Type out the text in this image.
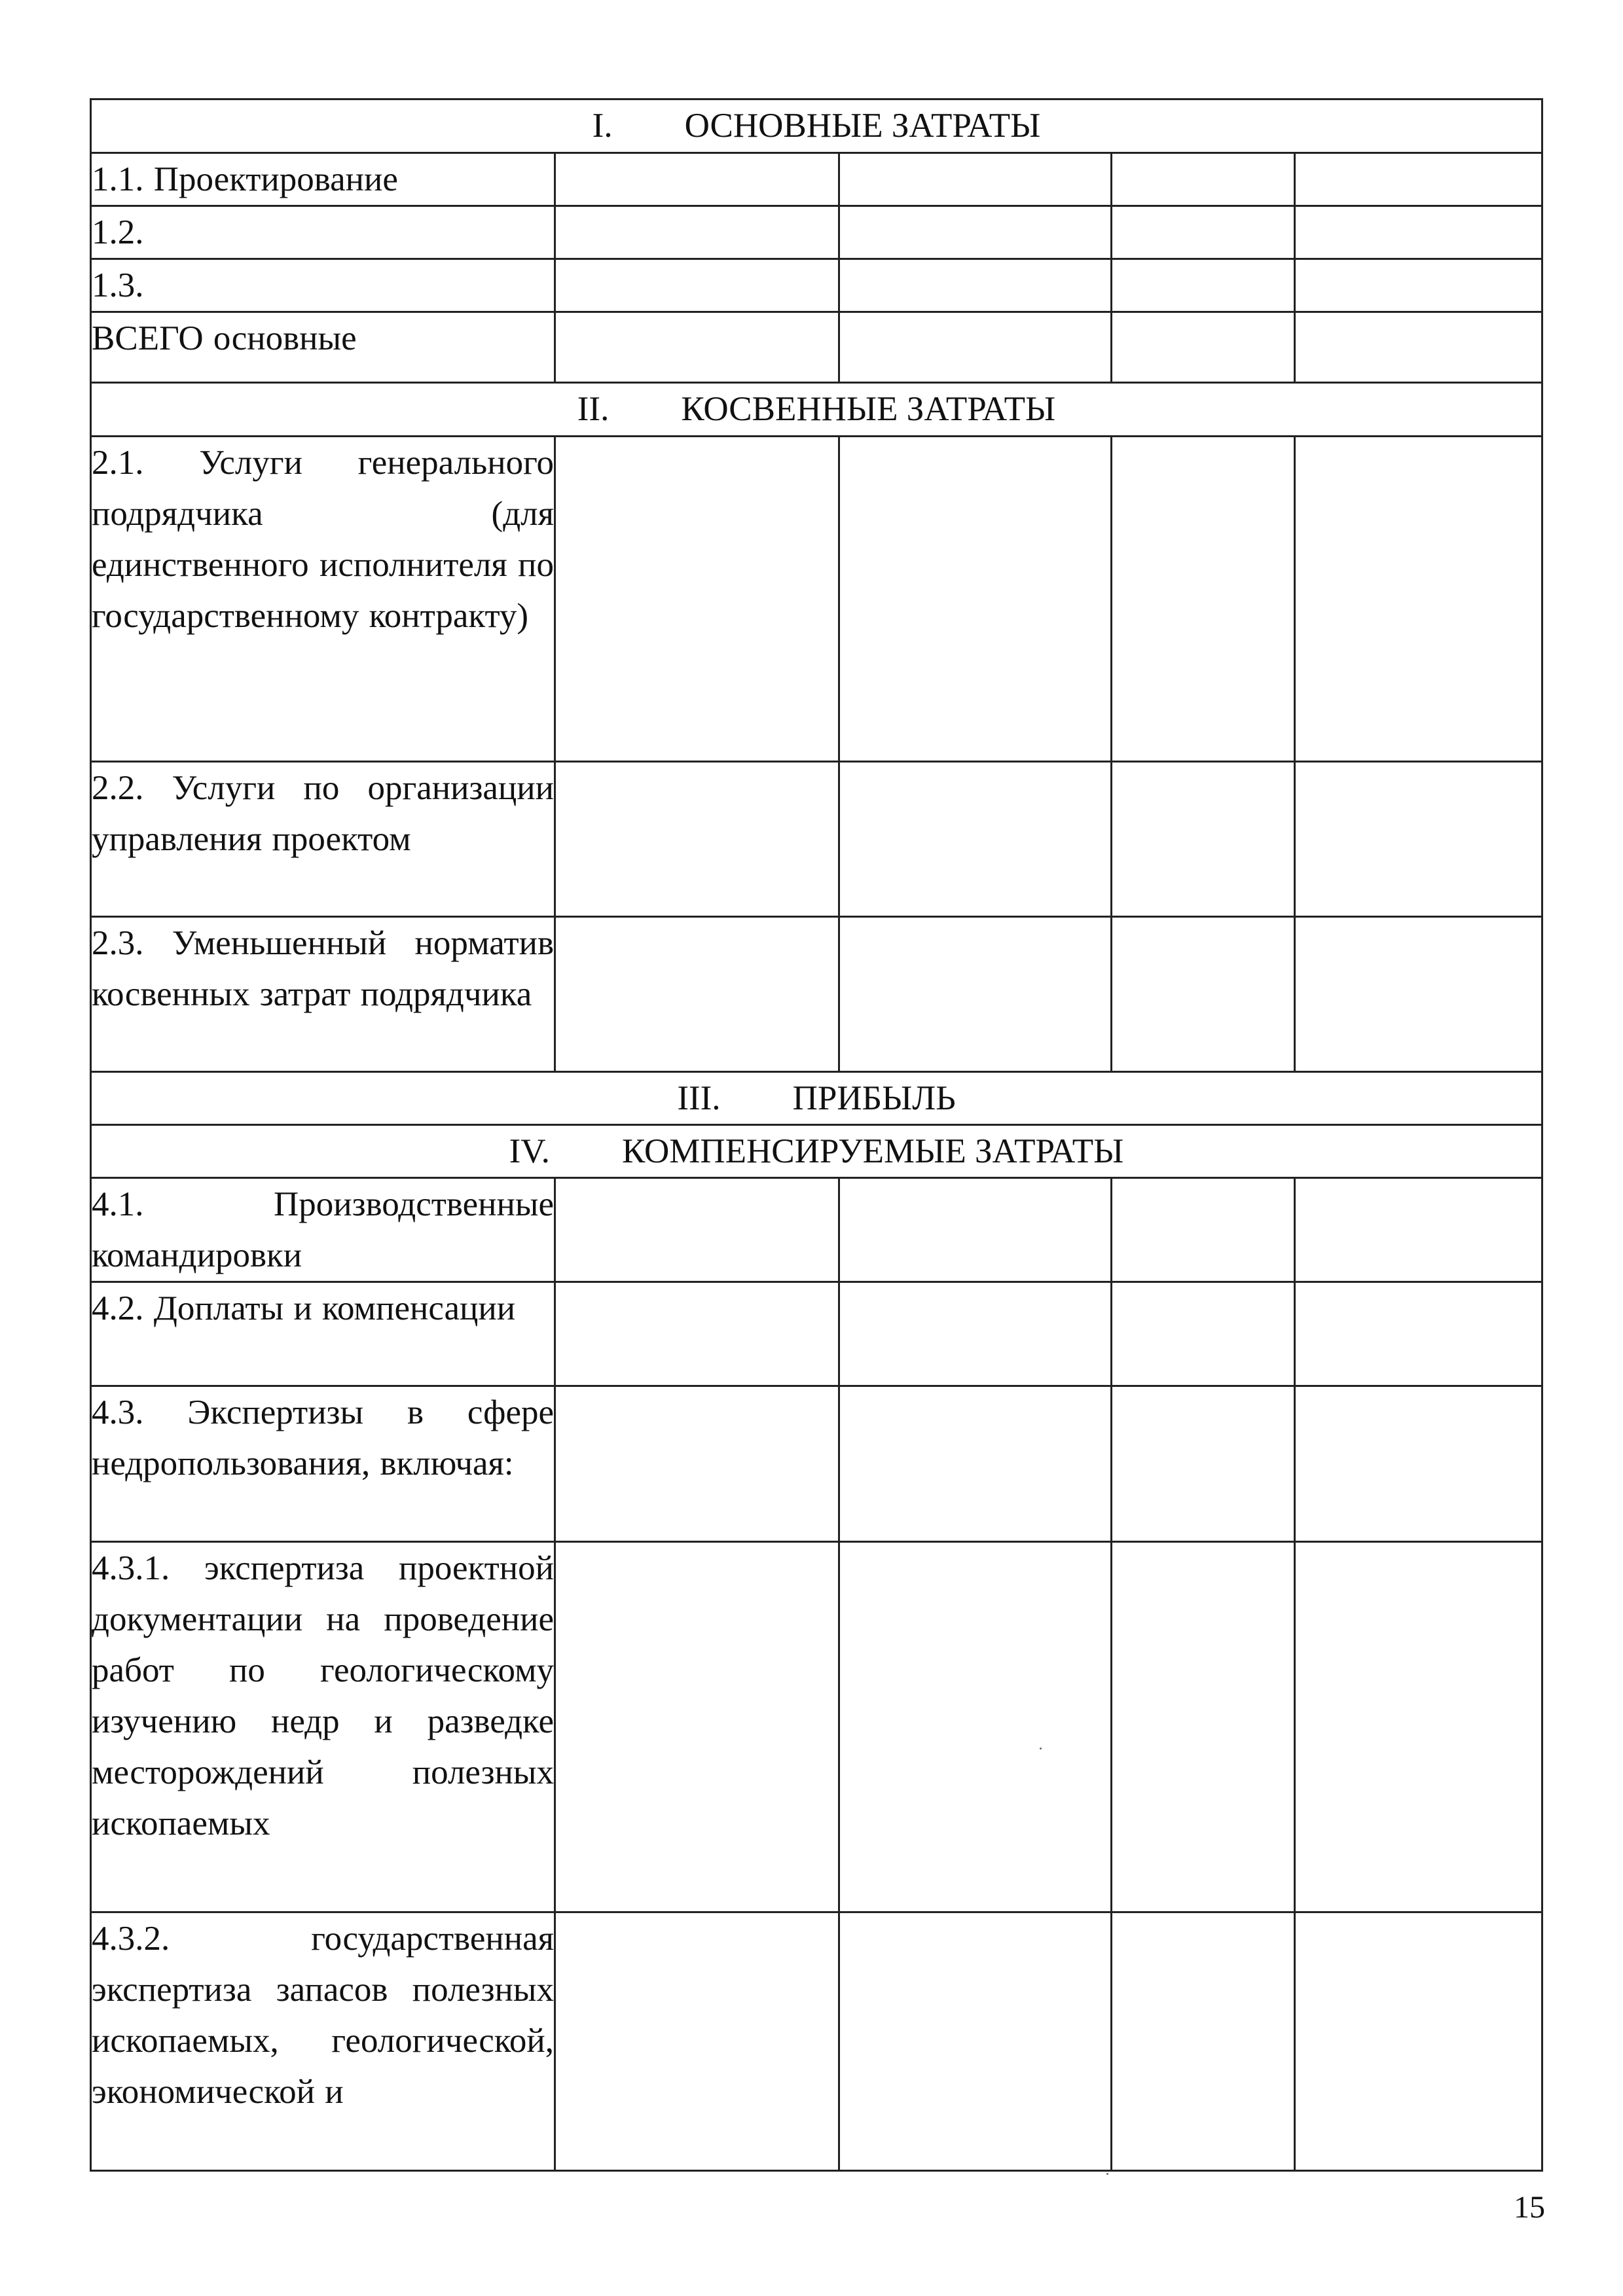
I. ОСНОВНЫЕ ЗАТРАТЫ				
1.1. Проектирование				
1.2.				
1.3.				
ВСЕГО основные				
II. КОСВЕННЫЕ ЗАТРАТЫ				
2.1. Услуги генерального подрядчика (для единственного исполнителя по государственному контракту)				
2.2. Услуги по организации управления проектом				
2.3. Уменьшенный норматив косвенных затрат подрядчика				
III. ПРИБЫЛЬ				
IV. КОМПЕНСИРУЕМЫЕ ЗАТРАТЫ				
4.1. Производственные командировки				
4.2. Доплаты и компенсации				
4.3. Экспертизы в сфере недропользования, включая:				
4.3.1. экспертиза проектной документации на проведение работ по геологическому изучению недр и разведке месторождений полезных ископаемых				
4.3.2. государственная экспертиза запасов полезных ископаемых, геологической, экономической и				
15
